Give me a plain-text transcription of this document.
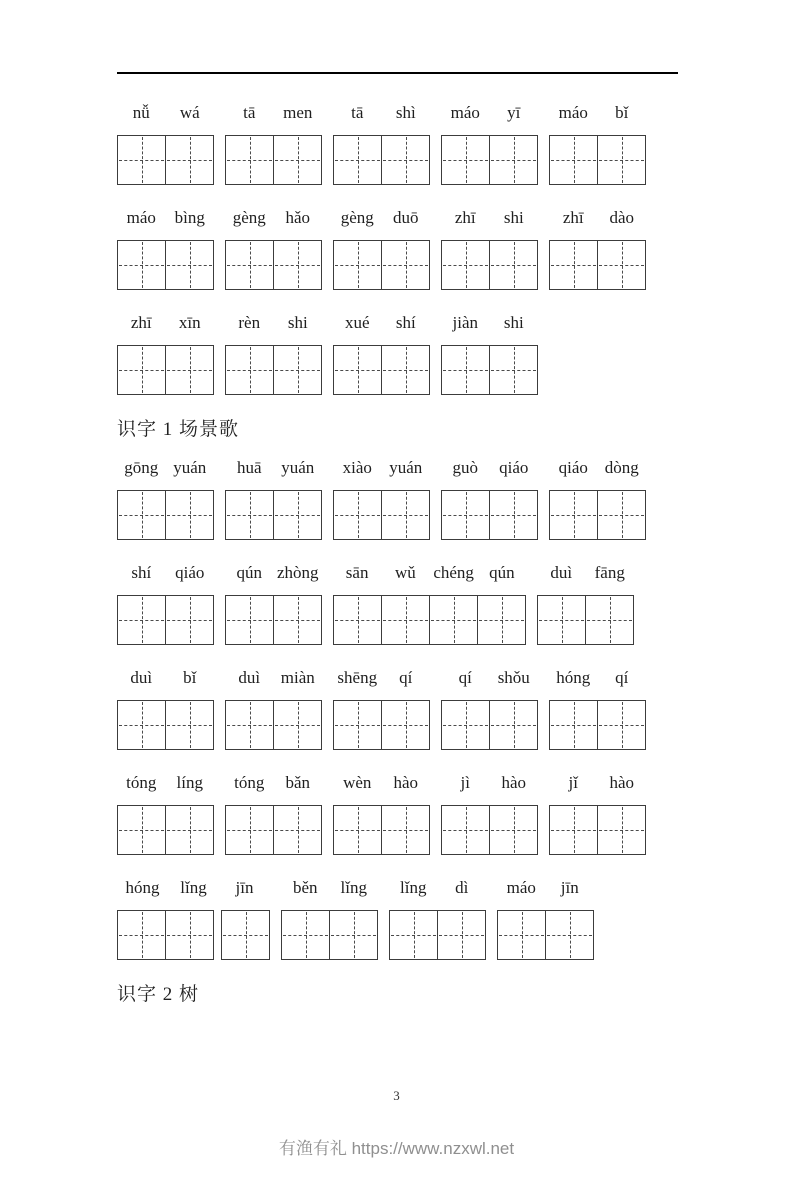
nǚ	wá	tā	men	tā	shì	máo	yī	máo	bǐ
máo	bìng	gèng	hǎo	gèng	duō	zhī	shi	zhī	dào
zhī	xīn	rèn	shi	xué	shí	jiàn	shi
识字 1 场景歌
gōng yuán	huā	yuán	xiào	yuán	guò	qiáo	qiáo dòng
shí	qiáo	qún zhòng	sān	wǔ	chéng qún	duì	fāng
duì	bǐ	duì	miàn	shēng	qí	qí	shǒu	hóng	qí
tóng	líng	tóng	bǎn	wèn	hào	jì	hào	jǐ	hào
hóng	lǐng	jīn	běn	lǐng	lǐng	dì	máo	jīn
识字 2 树
3
有渔有礼 https://www.nzxwl.net
